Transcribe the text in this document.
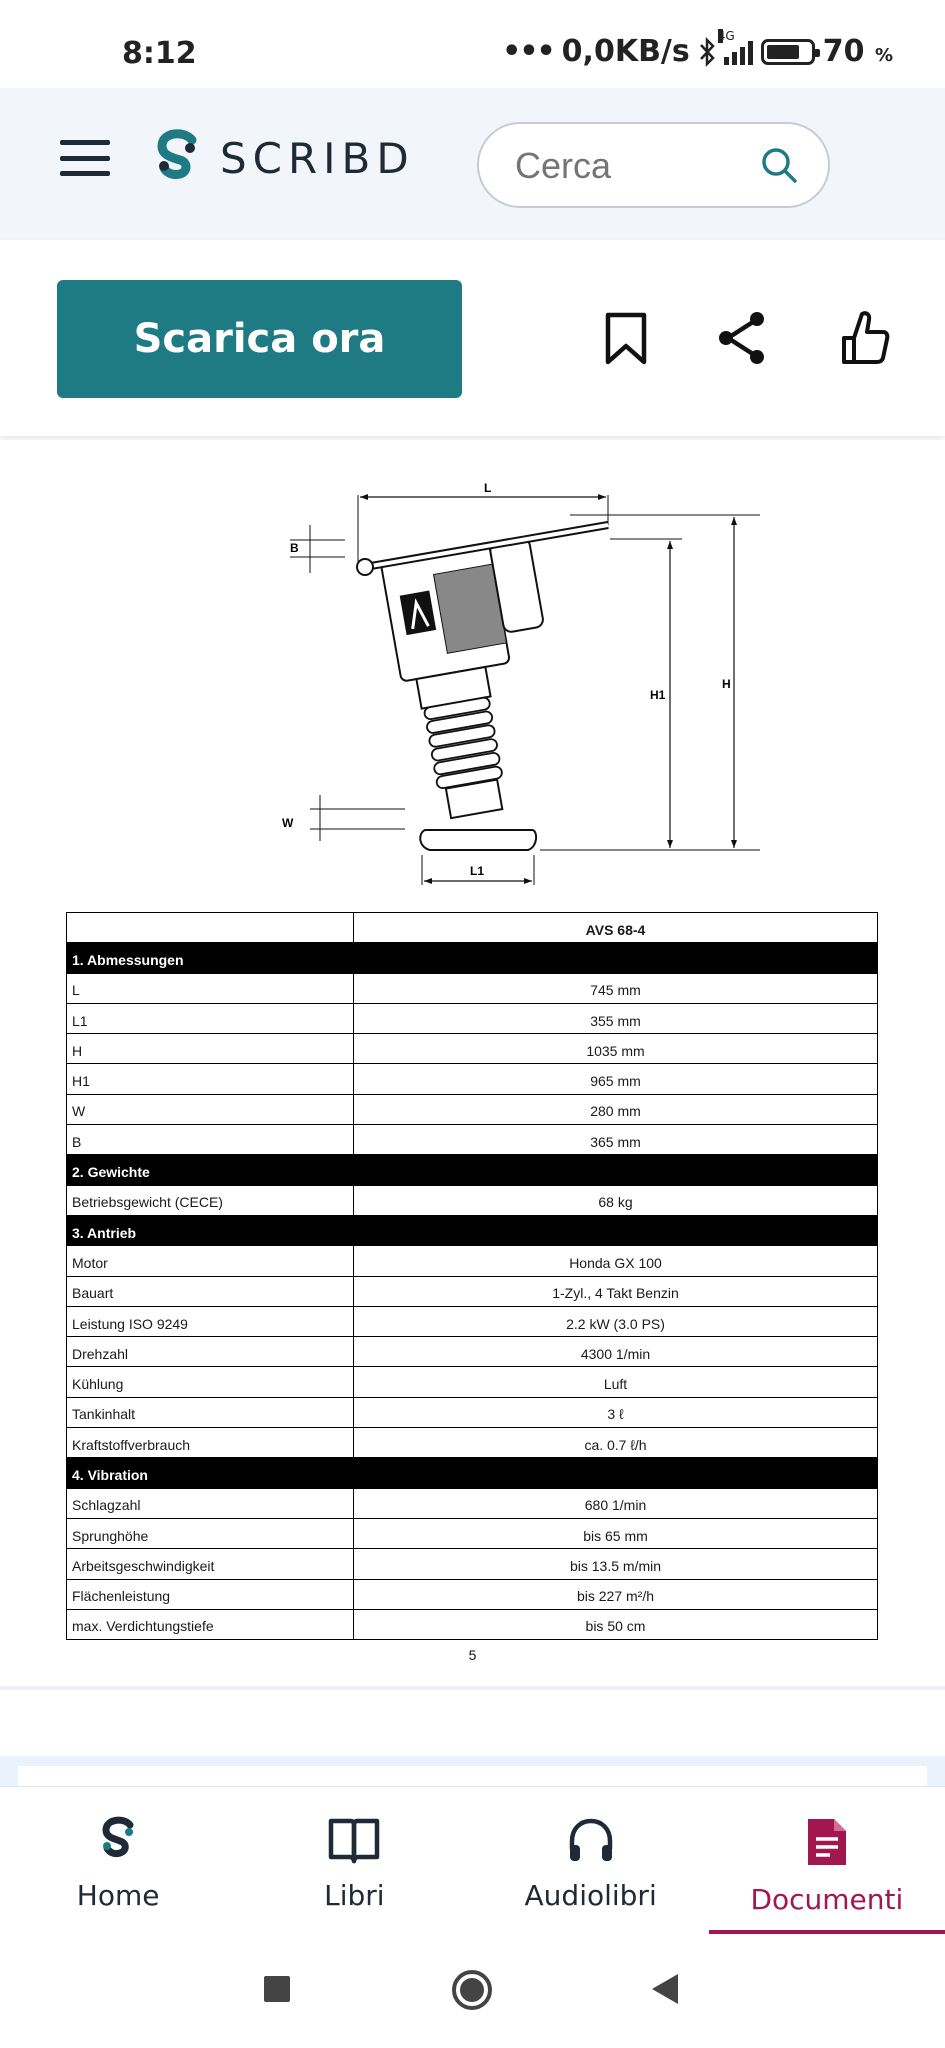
8:12	••• 0,0KB/s 4G	70 %
SCRIBD
Cerca
Scarica ora
L
H
H1
L1
B
W
	AVS 68-4
1. Abmessungen	
L	745 mm
L1	355 mm
H	1035 mm
H1	965 mm
W	280 mm
B	365 mm
2. Gewichte	
Betriebsgewicht (CECE)	68 kg
3. Antrieb	
Motor	Honda GX 100
Bauart	1-Zyl., 4 Takt Benzin
Leistung ISO 9249	2.2 kW (3.0 PS)
Drehzahl	4300 1/min
Kühlung	Luft
Tankinhalt	3 ℓ
Kraftstoffverbrauch	ca. 0.7 ℓ/h
4. Vibration	
Schlagzahl	680 1/min
Sprunghöhe	bis 65 mm
Arbeitsgeschwindigkeit	bis 13.5 m/min
Flächenleistung	bis 227 m²/h
max. Verdichtungstiefe	bis 50 cm
5
Home	Libri	Audiolibri	Documenti
